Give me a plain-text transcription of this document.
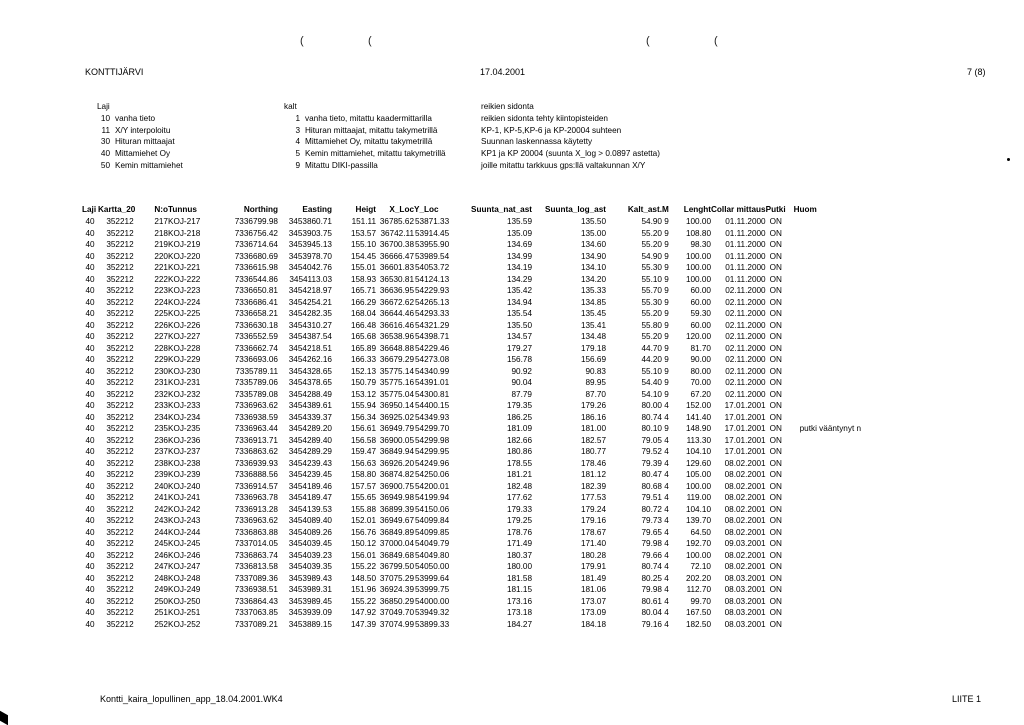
(	(	(	(
KONTTIJÄRVI	17.04.2001	7 (8)
Laji	kalt	reikien sidonta
10 vanha tieto	1 vanha tieto, mitattu kaadermittarilla	reikien sidonta tehty kiintopisteiden
11 X/Y interpoloitu	3 Hituran mittaajat, mitattu takymetrillä	KP-1, KP-5,KP-6 ja KP-20004 suhteen
30 Hituran mittaajat	4 Mittamiehet Oy, mitattu takymetrillä	Suunnan laskennassa käytetty
40 Mittamiehet Oy	5 Kemin mittamiehet, mitattu takymetrillä	KP1 ja KP 20004 (suunta X_log > 0.0897 astetta)
50 Kemin mittamiehet	9 Mitattu DIKI-passilla	joille mitattu tarkkuus gps:llä valtakunnan X/Y
Laji	Kartta_20	N:o	Tunnus	Northing	Easting	Heigt	X_Loc	Y_Loc	Suunta_nat_ast	Suunta_log_ast	Kalt_ast.	M	Lenght	Collar mittaus	Putki	Huom
40	352212	217	KOJ-217	7336799.98	3453860.71	151.11	36785.62	53871.33	135.59	135.50	54.90	9	100.00	01.11.2000	ON	
40	352212	218	KOJ-218	7336756.42	3453903.75	153.57	36742.11	53914.45	135.09	135.00	55.20	9	108.80	01.11.2000	ON	
40	352212	219	KOJ-219	7336714.64	3453945.13	155.10	36700.38	53955.90	134.69	134.60	55.20	9	98.30	01.11.2000	ON	
40	352212	220	KOJ-220	7336680.69	3453978.70	154.45	36666.47	53989.54	134.99	134.90	54.90	9	100.00	01.11.2000	ON	
40	352212	221	KOJ-221	7336615.98	3454042.76	155.01	36601.83	54053.72	134.19	134.10	55.30	9	100.00	01.11.2000	ON	
40	352212	222	KOJ-222	7336544.86	3454113.03	158.93	36530.81	54124.13	134.29	134.20	55.10	9	100.00	01.11.2000	ON	
40	352212	223	KOJ-223	7336650.81	3454218.97	165.71	36636.95	54229.93	135.42	135.33	55.70	9	60.00	02.11.2000	ON	
40	352212	224	KOJ-224	7336686.41	3454254.21	166.29	36672.62	54265.13	134.94	134.85	55.30	9	60.00	02.11.2000	ON	
40	352212	225	KOJ-225	7336658.21	3454282.35	168.04	36644.46	54293.33	135.54	135.45	55.20	9	59.30	02.11.2000	ON	
40	352212	226	KOJ-226	7336630.18	3454310.27	166.48	36616.46	54321.29	135.50	135.41	55.80	9	60.00	02.11.2000	ON	
40	352212	227	KOJ-227	7336552.59	3454387.54	165.68	36538.96	54398.71	134.57	134.48	55.20	9	120.00	02.11.2000	ON	
40	352212	228	KOJ-228	7336662.74	3454218.51	165.89	36648.88	54229.46	179.27	179.18	44.70	9	81.70	02.11.2000	ON	
40	352212	229	KOJ-229	7336693.06	3454262.16	166.33	36679.29	54273.08	156.78	156.69	44.20	9	90.00	02.11.2000	ON	
40	352212	230	KOJ-230	7335789.11	3454328.65	152.13	35775.14	54340.99	90.92	90.83	55.10	9	80.00	02.11.2000	ON	
40	352212	231	KOJ-231	7335789.06	3454378.65	150.79	35775.16	54391.01	90.04	89.95	54.40	9	70.00	02.11.2000	ON	
40	352212	232	KOJ-232	7335789.08	3454288.49	153.12	35775.04	54300.81	87.79	87.70	54.10	9	67.20	02.11.2000	ON	
40	352212	233	KOJ-233	7336963.62	3454389.61	155.94	36950.14	54400.15	179.35	179.26	80.00	4	152.00	17.01.2001	ON	
40	352212	234	KOJ-234	7336938.59	3454339.37	156.34	36925.02	54349.93	186.25	186.16	80.74	4	141.40	17.01.2001	ON	
40	352212	235	KOJ-235	7336963.44	3454289.20	156.61	36949.79	54299.70	181.09	181.00	80.10	9	148.90	17.01.2001	ON	putki vääntynyt n
40	352212	236	KOJ-236	7336913.71	3454289.40	156.58	36900.05	54299.98	182.66	182.57	79.05	4	113.30	17.01.2001	ON	
40	352212	237	KOJ-237	7336863.62	3454289.29	159.47	36849.94	54299.95	180.86	180.77	79.52	4	104.10	17.01.2001	ON	
40	352212	238	KOJ-238	7336939.93	3454239.43	156.63	36926.20	54249.96	178.55	178.46	79.39	4	129.60	08.02.2001	ON	
40	352212	239	KOJ-239	7336888.56	3454239.45	158.80	36874.82	54250.06	181.21	181.12	80.47	4	105.00	08.02.2001	ON	
40	352212	240	KOJ-240	7336914.57	3454189.46	157.57	36900.75	54200.01	182.48	182.39	80.68	4	100.00	08.02.2001	ON	
40	352212	241	KOJ-241	7336963.78	3454189.47	155.65	36949.98	54199.94	177.62	177.53	79.51	4	119.00	08.02.2001	ON	
40	352212	242	KOJ-242	7336913.28	3454139.53	155.88	36899.39	54150.06	179.33	179.24	80.72	4	104.10	08.02.2001	ON	
40	352212	243	KOJ-243	7336963.62	3454089.40	152.01	36949.67	54099.84	179.25	179.16	79.73	4	139.70	08.02.2001	ON	
40	352212	244	KOJ-244	7336863.88	3454089.26	156.76	36849.89	54099.85	178.76	178.67	79.65	4	64.50	08.02.2001	ON	
40	352212	245	KOJ-245	7337014.05	3454039.45	150.12	37000.04	54049.79	171.49	171.40	79.98	4	192.70	09.03.2001	ON	
40	352212	246	KOJ-246	7336863.74	3454039.23	156.01	36849.68	54049.80	180.37	180.28	79.66	4	100.00	08.02.2001	ON	
40	352212	247	KOJ-247	7336813.58	3454039.35	155.22	36799.50	54050.00	180.00	179.91	80.74	4	72.10	08.02.2001	ON	
40	352212	248	KOJ-248	7337089.36	3453989.43	148.50	37075.29	53999.64	181.58	181.49	80.25	4	202.20	08.03.2001	ON	
40	352212	249	KOJ-249	7336938.51	3453989.31	151.96	36924.39	53999.75	181.15	181.06	79.98	4	112.70	08.03.2001	ON	
40	352212	250	KOJ-250	7336864.43	3453989.45	155.22	36850.29	54000.00	173.16	173.07	80.61	4	99.70	08.03.2001	ON	
40	352212	251	KOJ-251	7337063.85	3453939.09	147.92	37049.70	53949.32	173.18	173.09	80.04	4	167.50	08.03.2001	ON	
40	352212	252	KOJ-252	7337089.21	3453889.15	147.39	37074.99	53899.33	184.27	184.18	79.16	4	182.50	08.03.2001	ON	
Kontti_kaira_lopullinen_app_18.04.2001.WK4	LIITE 1
